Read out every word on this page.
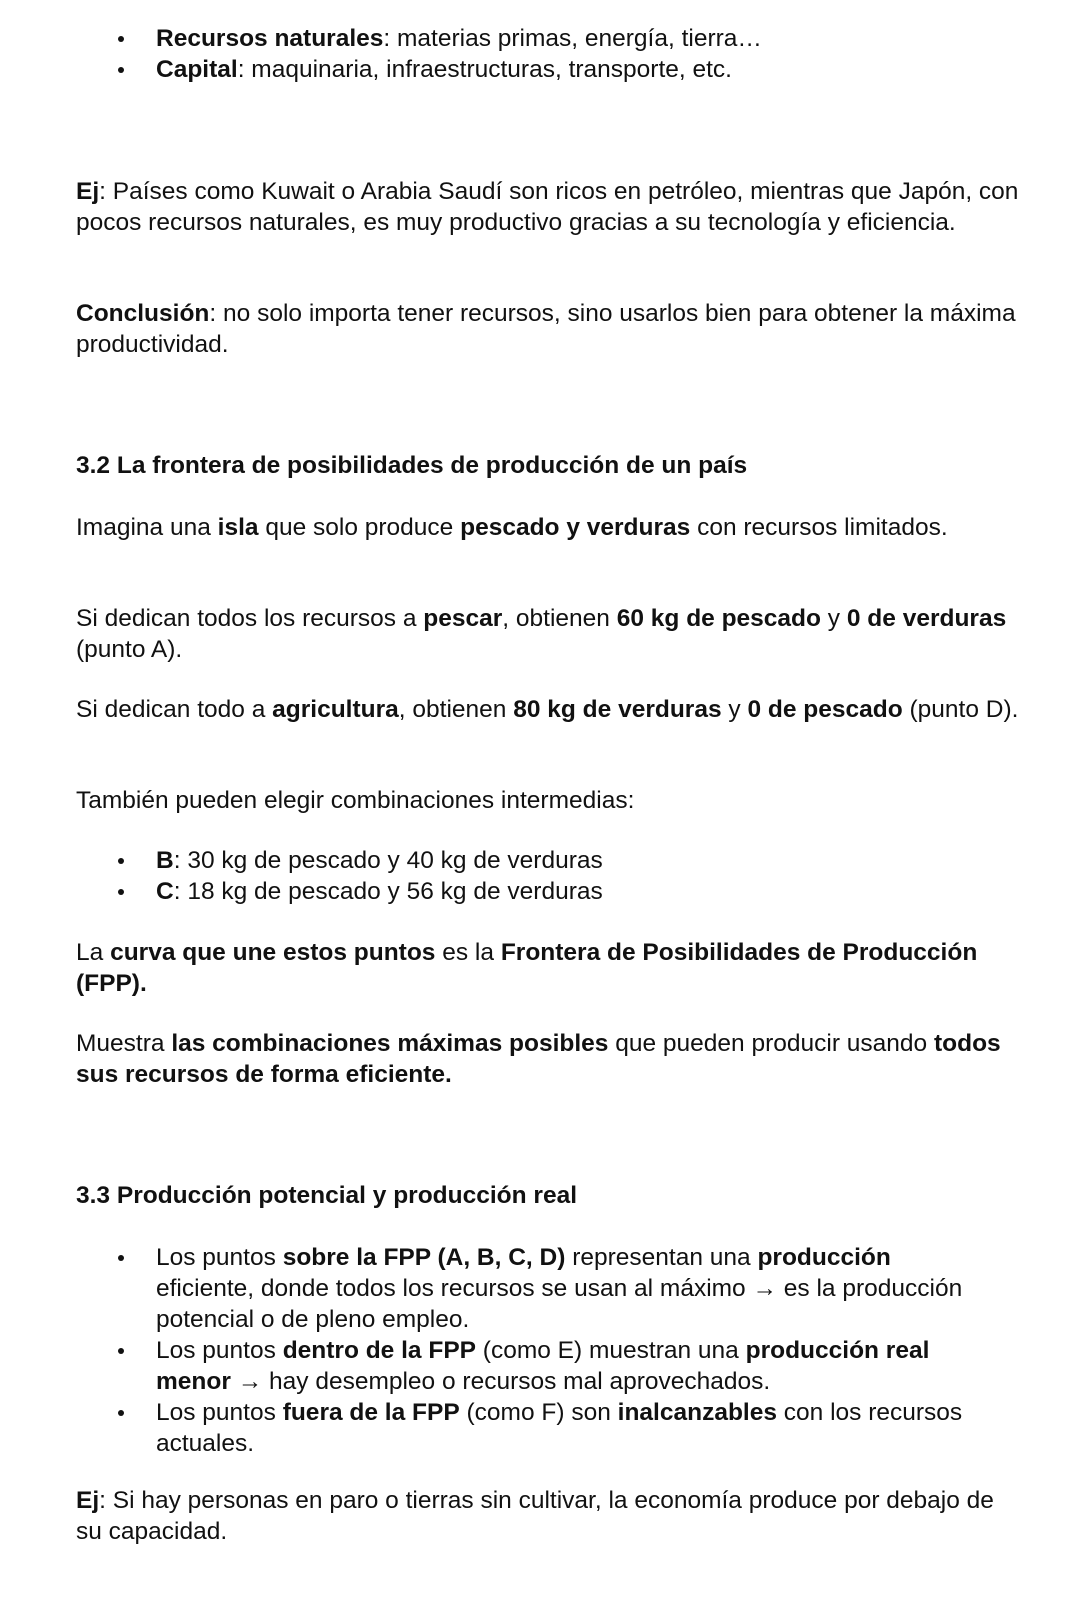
Recursos naturales: materias primas, energía, tierra…
Capital: maquinaria, infraestructuras, transporte, etc.

Ej: Países como Kuwait o Arabia Saudí son ricos en petróleo, mientras que Japón, con pocos recursos naturales, es muy productivo gracias a su tecnología y eficiencia.

Conclusión: no solo importa tener recursos, sino usarlos bien para obtener la máxima productividad.

3.2 La frontera de posibilidades de producción de un país

Imagina una isla que solo produce pescado y verduras con recursos limitados.

Si dedican todos los recursos a pescar, obtienen 60 kg de pescado y 0 de verduras (punto A).

Si dedican todo a agricultura, obtienen 80 kg de verduras y 0 de pescado (punto D).

También pueden elegir combinaciones intermedias:

B: 30 kg de pescado y 40 kg de verduras
C: 18 kg de pescado y 56 kg de verduras

La curva que une estos puntos es la Frontera de Posibilidades de Producción (FPP).

Muestra las combinaciones máximas posibles que pueden producir usando todos sus recursos de forma eficiente.

3.3 Producción potencial y producción real

Los puntos sobre la FPP (A, B, C, D) representan una producción eficiente, donde todos los recursos se usan al máximo → es la producción potencial o de pleno empleo.
Los puntos dentro de la FPP (como E) muestran una producción real menor → hay desempleo o recursos mal aprovechados.
Los puntos fuera de la FPP (como F) son inalcanzables con los recursos actuales.

Ej: Si hay personas en paro o tierras sin cultivar, la economía produce por debajo de su capacidad.
